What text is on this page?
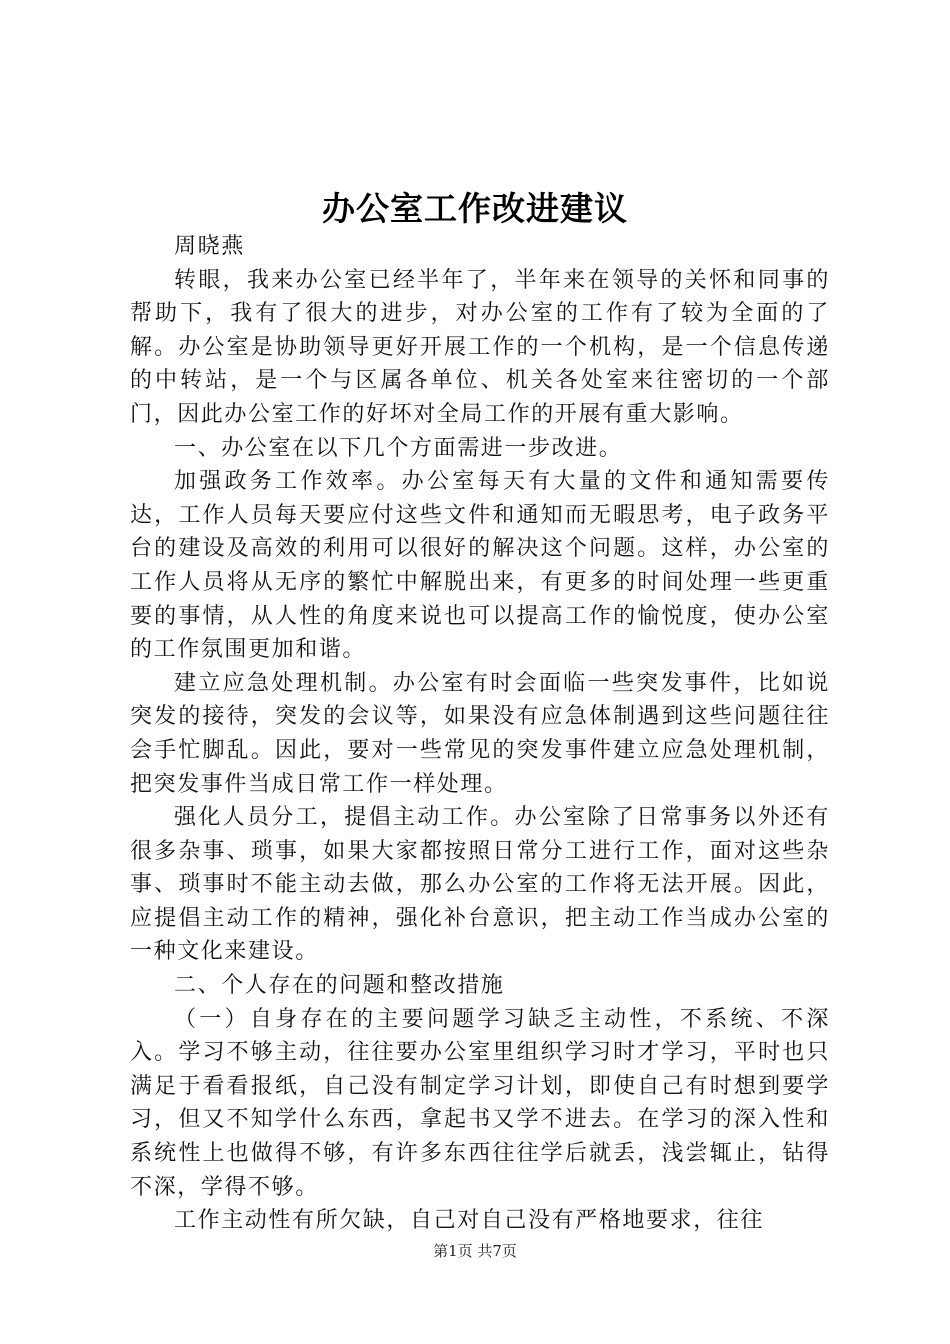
办公室工作改进建议

周晓燕

转眼，我来办公室已经半年了，半年来在领导的关怀和同事的帮助下，我有了很大的进步，对办公室的工作有了较为全面的了解。办公室是协助领导更好开展工作的一个机构，是一个信息传递的中转站，是一个与区属各单位、机关各处室来往密切的一个部门，因此办公室工作的好坏对全局工作的开展有重大影响。

一、办公室在以下几个方面需进一步改进。

加强政务工作效率。办公室每天有大量的文件和通知需要传达，工作人员每天要应付这些文件和通知而无暇思考，电子政务平台的建设及高效的利用可以很好的解决这个问题。这样，办公室的工作人员将从无序的繁忙中解脱出来，有更多的时间处理一些更重要的事情，从人性的角度来说也可以提高工作的愉悦度，使办公室的工作氛围更加和谐。

建立应急处理机制。办公室有时会面临一些突发事件，比如说突发的接待，突发的会议等，如果没有应急体制遇到这些问题往往会手忙脚乱。因此，要对一些常见的突发事件建立应急处理机制，把突发事件当成日常工作一样处理。

强化人员分工，提倡主动工作。办公室除了日常事务以外还有很多杂事、琐事，如果大家都按照日常分工进行工作，面对这些杂事、琐事时不能主动去做，那么办公室的工作将无法开展。因此，应提倡主动工作的精神，强化补台意识，把主动工作当成办公室的一种文化来建设。

二、个人存在的问题和整改措施

（一）自身存在的主要问题学习缺乏主动性，不系统、不深入。学习不够主动，往往要办公室里组织学习时才学习，平时也只满足于看看报纸，自己没有制定学习计划，即使自己有时想到要学习，但又不知学什么东西，拿起书又学不进去。在学习的深入性和系统性上也做得不够，有许多东西往往学后就丢，浅尝辄止，钻得不深，学得不够。

工作主动性有所欠缺，自己对自己没有严格地要求，往往

第1页 共7页
